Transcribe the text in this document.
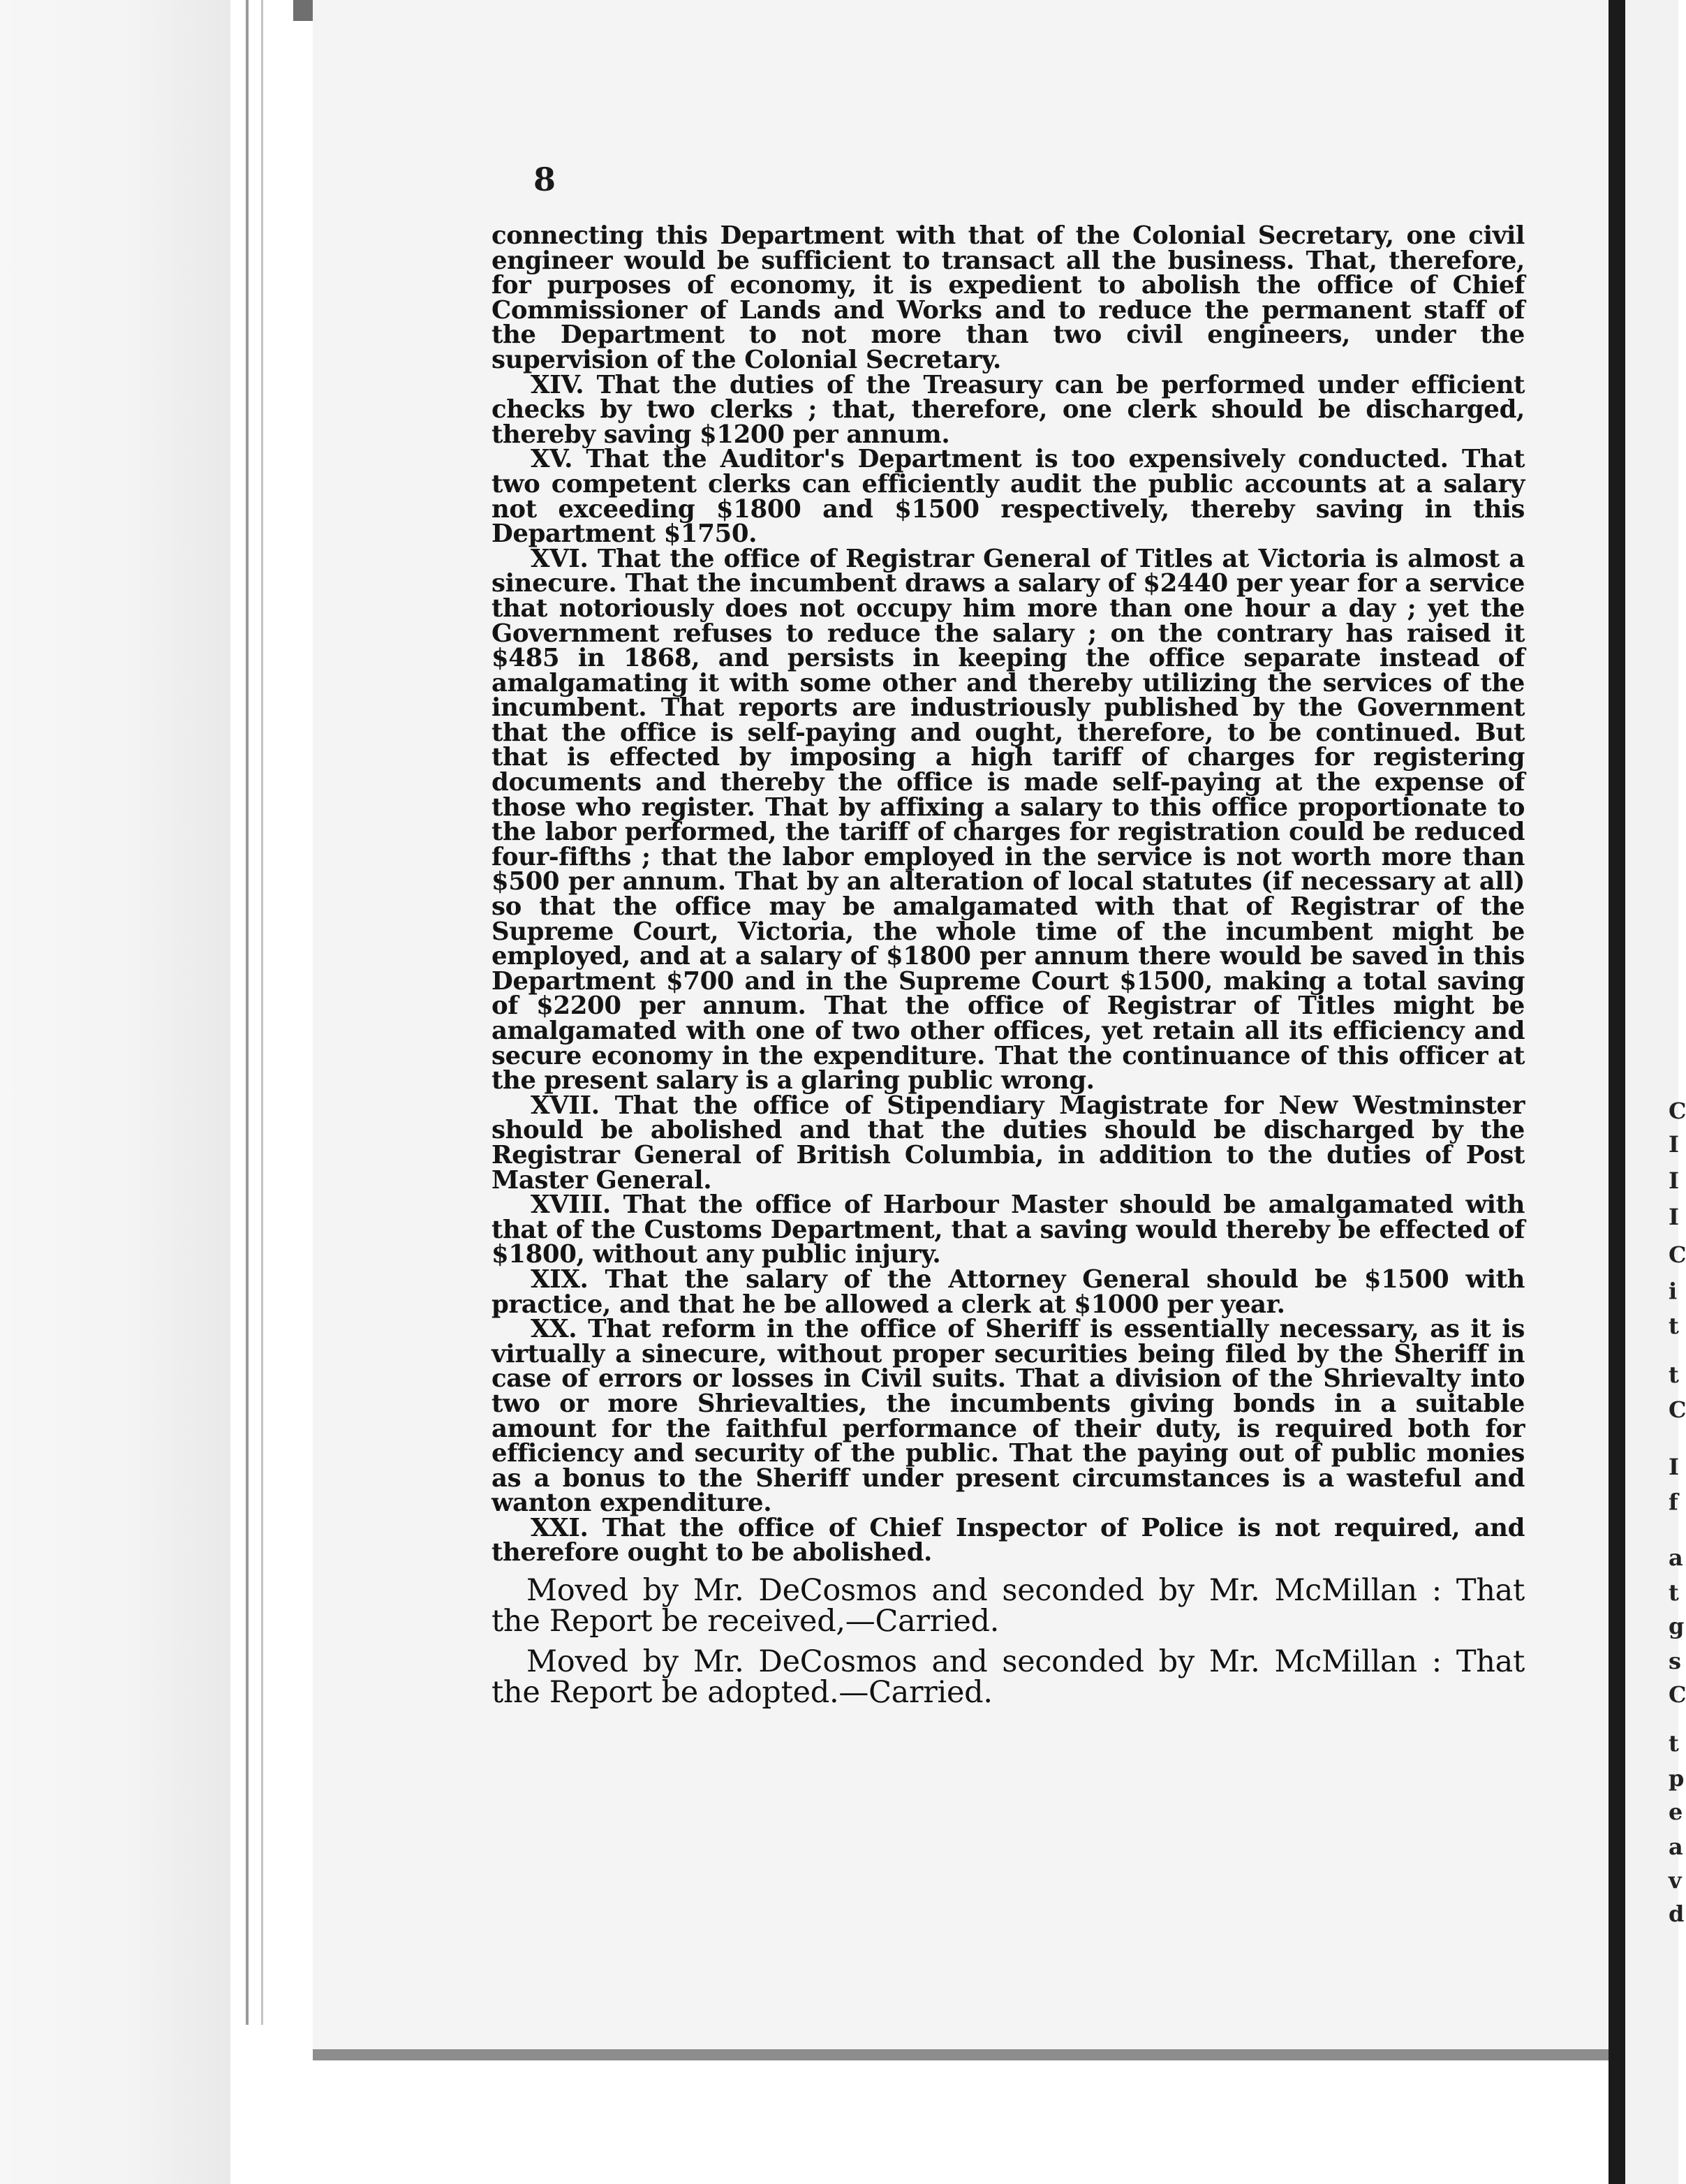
C
I
I
I
C
i
t
t
C
I
f
a
t
g
s
C
t
p
e
a
v
d
8

connecting this Department with that of the Colonial Secretary, one civil engineer would be sufficient to transact all the business. That, therefore, for purposes of economy, it is expedient to abolish the office of Chief Commissioner of Lands and Works and to reduce the permanent staff of the Department to not more than two civil engineers, under the supervision of the Colonial Secretary.

XIV. That the duties of the Treasury can be performed under efficient checks by two clerks ; that, therefore, one clerk should be discharged, thereby saving $1200 per annum.

XV. That the Auditor's Department is too expensively conducted. That two competent clerks can efficiently audit the public accounts at a salary not exceeding $1800 and $1500 respectively, thereby saving in this Department $1750.

XVI. That the office of Registrar General of Titles at Victoria is almost a sinecure. That the incumbent draws a salary of $2440 per year for a service that notoriously does not occupy him more than one hour a day ; yet the Government refuses to reduce the salary ; on the contrary has raised it $485 in 1868, and persists in keeping the office separate instead of amalgamating it with some other and thereby utilizing the services of the incumbent. That reports are industriously published by the Government that the office is self-paying and ought, therefore, to be continued. But that is effected by imposing a high tariff of charges for registering documents and thereby the office is made self-paying at the expense of those who register. That by affixing a salary to this office proportionate to the labor performed, the tariff of charges for registration could be reduced four-fifths ; that the labor employed in the service is not worth more than $500 per annum. That by an alteration of local statutes (if necessary at all) so that the office may be amalgamated with that of Registrar of the Supreme Court, Victoria, the whole time of the incumbent might be employed, and at a salary of $1800 per annum there would be saved in this Department $700 and in the Supreme Court $1500, making a total saving of $2200 per annum. That the office of Registrar of Titles might be amalgamated with one of two other offices, yet retain all its efficiency and secure economy in the expenditure. That the continuance of this officer at the present salary is a glaring public wrong.

XVII. That the office of Stipendiary Magistrate for New Westminster should be abolished and that the duties should be discharged by the Registrar General of British Columbia, in addition to the duties of Post Master General.

XVIII. That the office of Harbour Master should be amalgamated with that of the Customs Department, that a saving would thereby be effected of $1800, without any public injury.

XIX. That the salary of the Attorney General should be $1500 with practice, and that he be allowed a clerk at $1000 per year.

XX. That reform in the office of Sheriff is essentially necessary, as it is virtually a sinecure, without proper securities being filed by the Sheriff in case of errors or losses in Civil suits. That a division of the Shrievalty into two or more Shrievalties, the incumbents giving bonds in a suitable amount for the faithful performance of their duty, is required both for efficiency and security of the public. That the paying out of public monies as a bonus to the Sheriff under present circumstances is a wasteful and wanton expenditure.

XXI. That the office of Chief Inspector of Police is not required, and therefore ought to be abolished.

Moved by Mr. DeCosmos and seconded by Mr. McMillan : That the Report be received,—Carried.

Moved by Mr. DeCosmos and seconded by Mr. McMillan : That the Report be adopted.—Carried.
